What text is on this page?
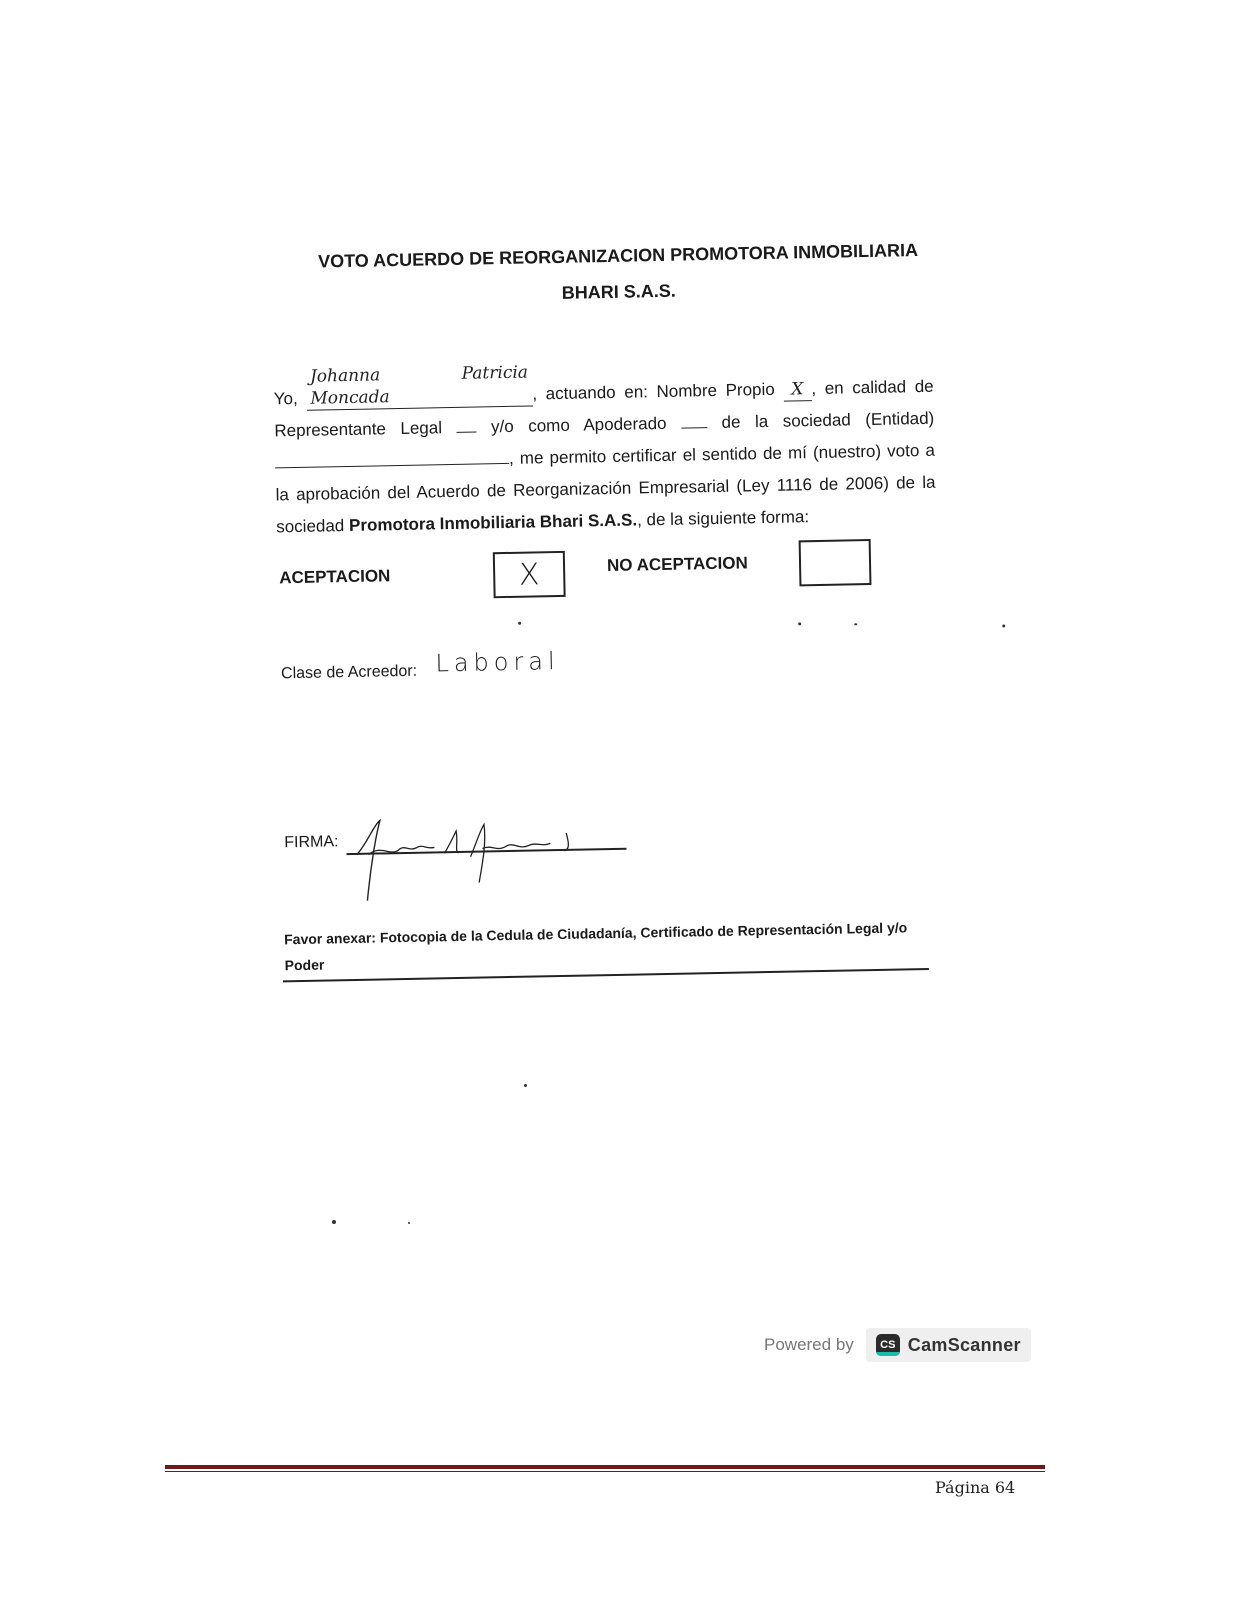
VOTO ACUERDO DE REORGANIZACION PROMOTORA INMOBILIARIA
BHARI S.A.S.
Yo, Johanna Patricia Moncada	, actuando en: Nombre Propio X , en calidad de Representante Legal	y/o como Apoderado	de la sociedad (Entidad) , me permito certificar el sentido de mí (nuestro) voto a la aprobación del Acuerdo de Reorganización Empresarial (Ley 1116 de 2006) de la sociedad Promotora Inmobiliaria Bhari S.A.S., de la siguiente forma:
ACEPTACION	X	NO ACEPTACION
Clase de Acreedor: Laboral
FIRMA:
Favor anexar: Fotocopia de la Cedula de Ciudadanía, Certificado de Representación Legal y/o Poder
Powered by	CS CamScanner
Página 64
